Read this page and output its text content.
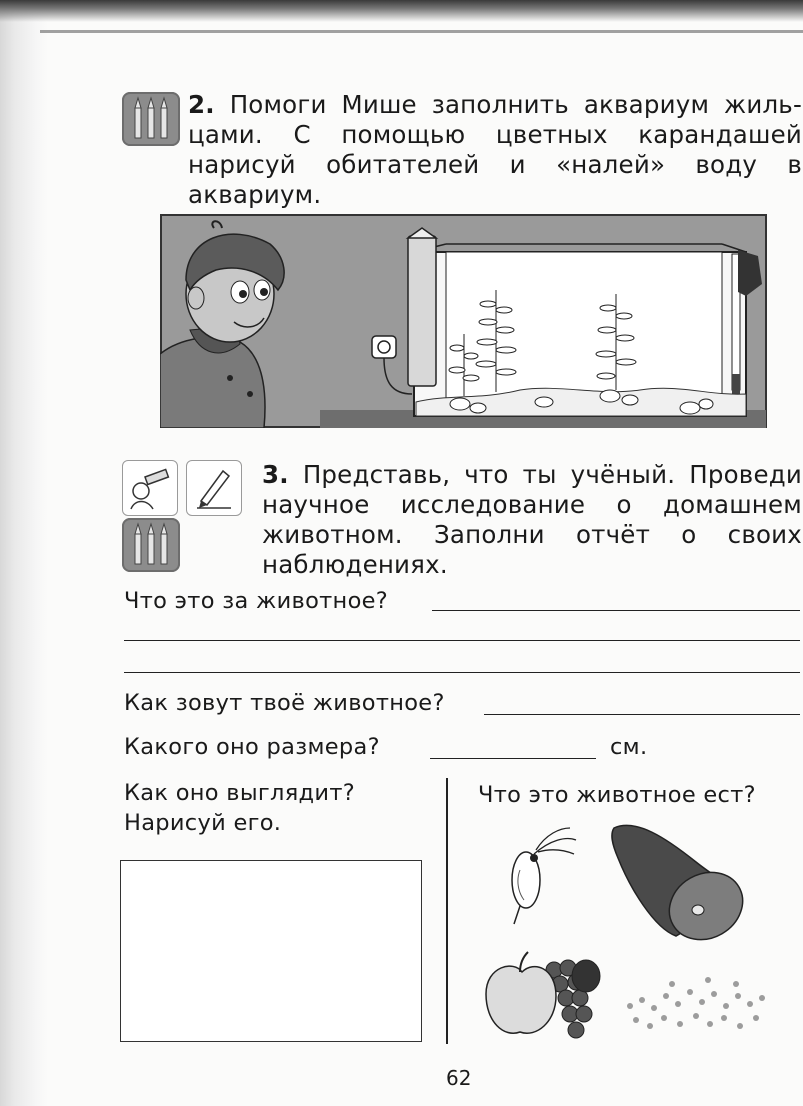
2. Помоги Мише заполнить аквариум жиль-
цами. С помощью цветных карандашей
нарисуй обитателей и «налей» воду в
аквариум.
3. Представь, что ты учёный. Проведи
научное исследование о домашнем
животном. Заполни отчёт о своих
наблюдениях.
Что это за животное?
Как зовут твоё животное?
Какого оно размера?	см.
Как оно выглядит?
Нарисуй его.
Что это животное ест?
62
